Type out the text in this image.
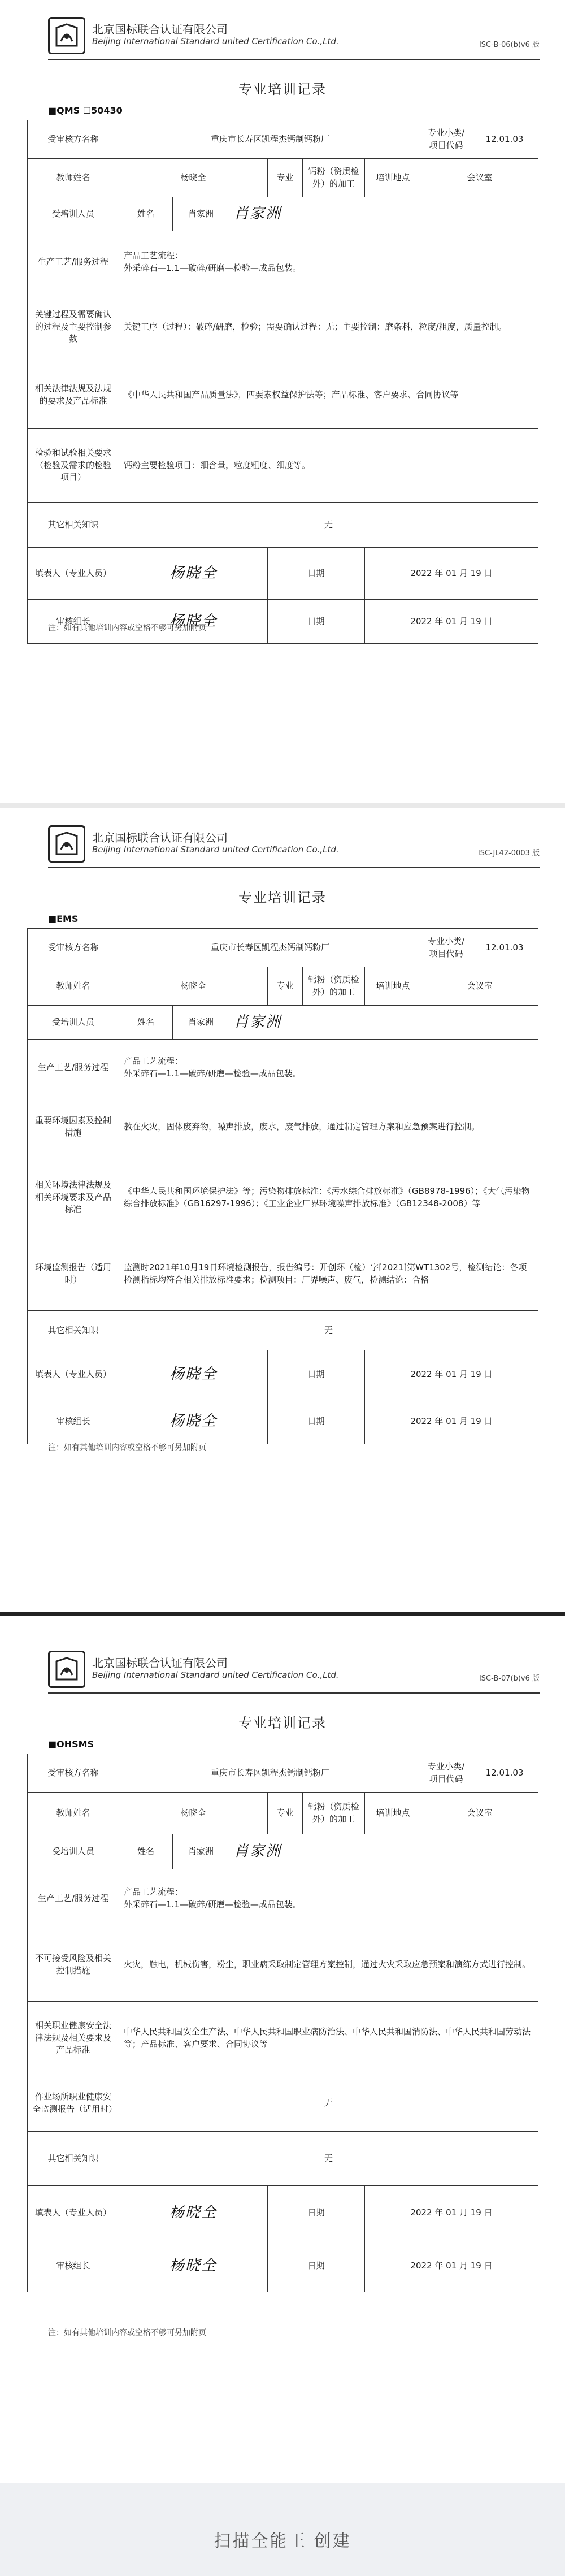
北京国标联合认证有限公司
Beijing International Standard united Certification Co.,Ltd.	ISC-B-06(b)v6 版
专业培训记录
■QMS ☐50430
受审核方名称	重庆市长寿区凯程杰钙制钙粉厂						专业小类/项目代码	12.01.03
教师姓名	杨晓全			专业	钙粉（资质检外）的加工	培训地点	会议室	
受培训人员	姓名	肖家洲	肖家洲					
生产工艺/服务过程	产品工艺流程：
外采碎石—1.1—破碎/研磨—检验—成品包装。							

关键过程及需要确认的过程及主要控制参数	关键工序（过程）：破碎/研磨，检验；需要确认过程：无；主要控制：磨条料，粒度/粗度，质量控制。							
相关法律法规及法规的要求及产品标准	《中华人民共和国产品质量法》，四要素权益保护法等；产品标准、客户要求、合同协议等							
检验和试验相关要求（检验及需求的检验项目）	钙粉主要检验项目：细含量，粒度粗度、细度等。							
其它相关知识	无							
填表人（专业人员）	杨晓全			日期		2022 年 01 月 19 日		
审核组长	杨晓全			日期		2022 年 01 月 19 日		
注：如有其他培训内容或空格不够可另加附页
北京国标联合认证有限公司
Beijing International Standard united Certification Co.,Ltd.	ISC-JL42-0003 版
专业培训记录
■EMS
受审核方名称	重庆市长寿区凯程杰钙制钙粉厂						专业小类/项目代码	12.01.03
教师姓名	杨晓全			专业	钙粉（资质检外）的加工	培训地点	会议室	
受培训人员	姓名	肖家洲	肖家洲					
生产工艺/服务过程	产品工艺流程：
外采碎石—1.1—破碎/研磨—检验—成品包装。							

重要环境因素及控制措施	教在火灾，固体废弃物，噪声排放，废水，废气排放，通过制定管理方案和应急预案进行控制。							
相关环境法律法规及相关环境要求及产品标准	《中华人民共和国环境保护法》等；污染物排放标准：《污水综合排放标准》（GB8978-1996）；《大气污染物综合排放标准》（GB16297-1996）；《工业企业厂界环境噪声排放标准》（GB12348-2008）等							
环境监测报告（适用时）	监测时2021年10月19日环境检测报告，报告编号：开创环（检）字[2021]第WT1302号，检测结论：各项检测指标均符合相关排放标准要求；检测项目：厂界噪声、废气，检测结论：合格							
其它相关知识	无							
填表人（专业人员）	杨晓全			日期		2022 年 01 月 19 日		
审核组长	杨晓全			日期		2022 年 01 月 19 日		
注：如有其他培训内容或空格不够可另加附页
北京国标联合认证有限公司
Beijing International Standard united Certification Co.,Ltd.	ISC-B-07(b)v6 版
专业培训记录
■OHSMS
受审核方名称	重庆市长寿区凯程杰钙制钙粉厂						专业小类/项目代码	12.01.03
教师姓名	杨晓全			专业	钙粉（资质检外）的加工	培训地点	会议室	
受培训人员	姓名	肖家洲	肖家洲					
生产工艺/服务过程	产品工艺流程：
外采碎石—1.1—破碎/研磨—检验—成品包装。							

不可接受风险及相关控制措施	火灾，触电，机械伤害，粉尘，职业病采取制定管理方案控制，通过火灾采取应急预案和演练方式进行控制。							
相关职业健康安全法律法规及相关要求及产品标准	中华人民共和国安全生产法、中华人民共和国职业病防治法、中华人民共和国消防法、中华人民共和国劳动法等；产品标准、客户要求、合同协议等							
作业场所职业健康安全监测报告（适用时）	无							
其它相关知识	无							
填表人（专业人员）	杨晓全			日期		2022 年 01 月 19 日		
审核组长	杨晓全			日期		2022 年 01 月 19 日		
注：如有其他培训内容或空格不够可另加附页
扫描全能王 创建
